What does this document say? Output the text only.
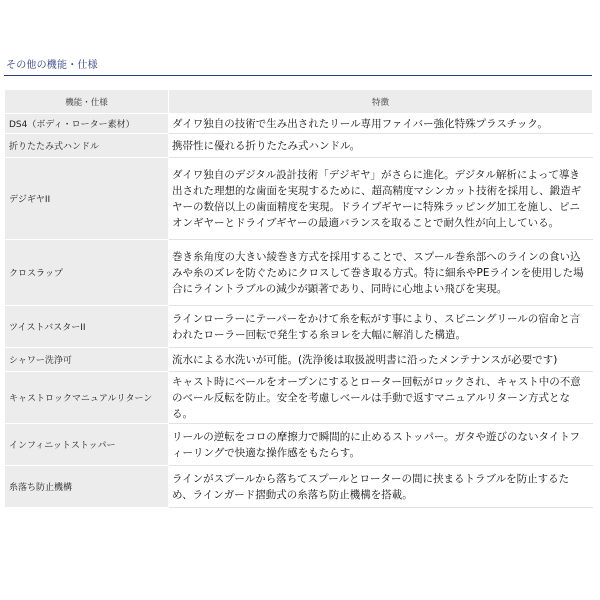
その他の機能・仕様
機能・仕様	特徴
DS4（ボディ・ローター素材）	ダイワ独自の技術で生み出されたリール専用ファイバー強化特殊プラスチック。
折りたたみ式ハンドル	携帯性に優れる折りたたみ式ハンドル。
デジギヤII	ダイワ独自のデジタル設計技術「デジギヤ」がさらに進化。デジタル解析によって導き出された理想的な歯面を実現するために、超高精度マシンカット技術を採用し、鍛造ギヤーの数倍以上の歯面精度を実現。ドライブギヤーに特殊ラッピング加工を施し、ピニオンギヤーとドライブギヤーの最適バランスを取ることで耐久性が向上している。
クロスラップ	巻き糸角度の大きい綾巻き方式を採用することで、スプール巻糸部へのラインの食い込みや糸のズレを防ぐためにクロスして巻き取る方式。特に細糸やPEラインを使用した場合にライントラブルの減少が顕著であり、同時に心地よい飛びを実現。
ツイストバスターII	ラインローラーにテーパーをかけて糸を転がす事により、スピニングリールの宿命と言われたローラー回転で発生する糸ヨレを大幅に解消した構造。
シャワー洗浄可	流水による水洗いが可能。(洗浄後は取扱説明書に沿ったメンテナンスが必要です)
キャストロックマニュアルリターン	キャスト時にベールをオープンにするとローター回転がロックされ、キャスト中の不意のベール反転を防止。安全を考慮しベールは手動で返すマニュアルリターン方式となる。
インフィニットストッパー	リールの逆転をコロの摩擦力で瞬間的に止めるストッパー。ガタや遊びのないタイトフィーリングで快適な操作感をもたらす。
糸落ち防止機構	ラインがスプールから落ちてスプールとローターの間に挟まるトラブルを防止するため、ラインガード摺動式の糸落ち防止機構を搭載。
